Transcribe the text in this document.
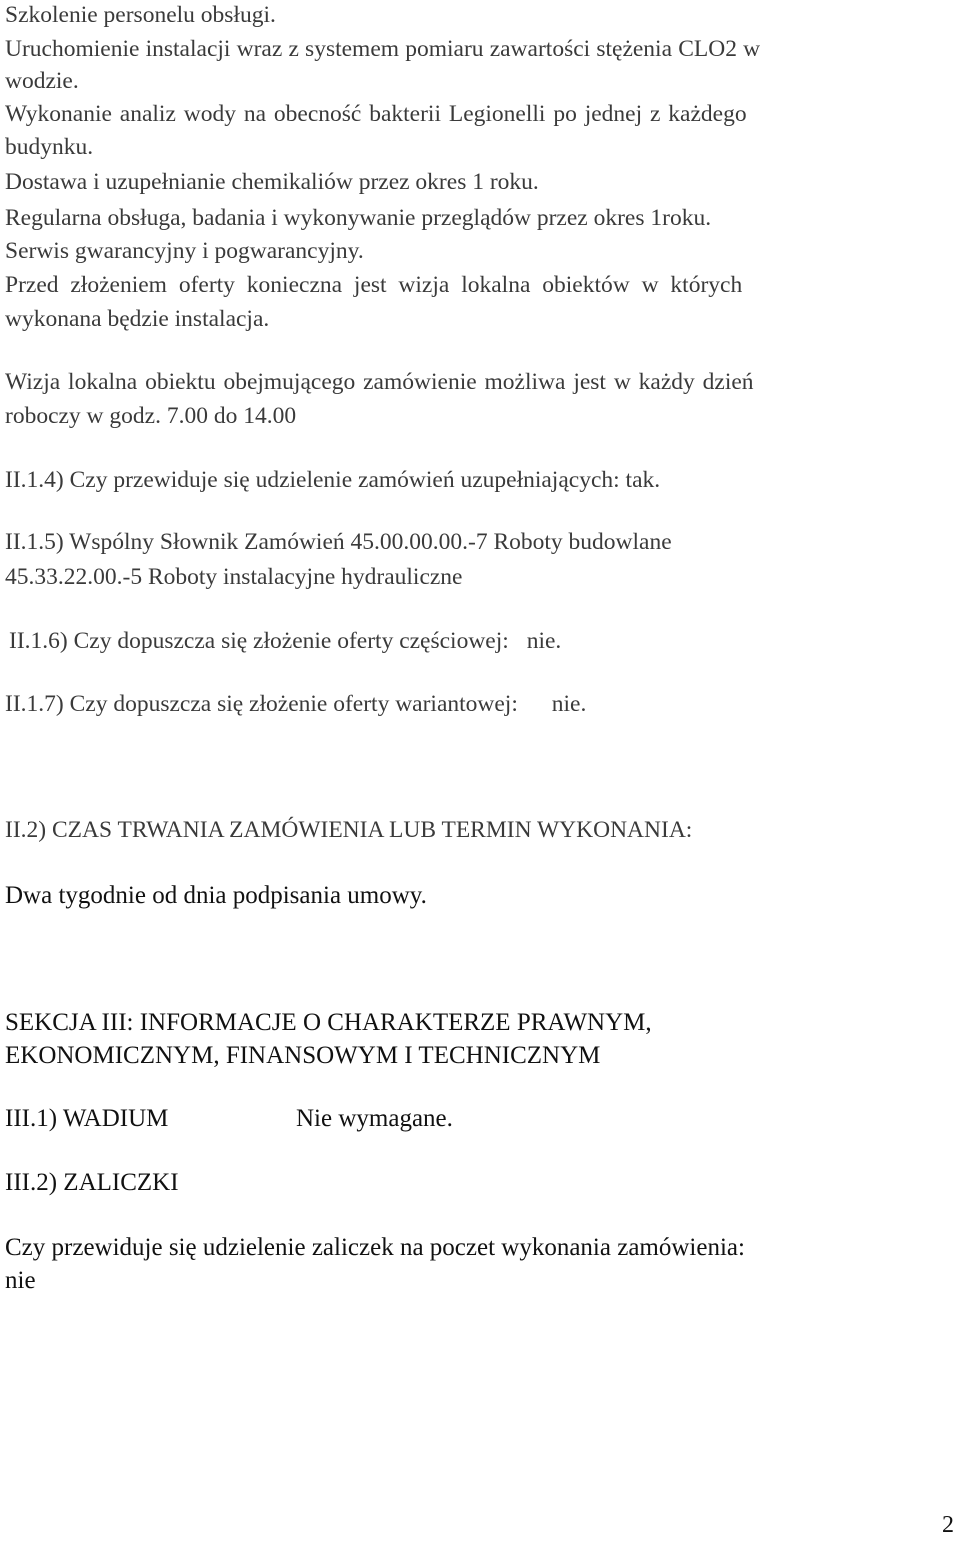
Szkolenie personelu obsługi.
Uruchomienie instalacji wraz z systemem pomiaru zawartości stężenia CLO2 w
wodzie.
Wykonanie analiz wody na obecność bakterii Legionelli po jednej z każdego
budynku.
Dostawa i uzupełnianie chemikaliów przez okres 1 roku.
Regularna obsługa, badania i wykonywanie przeglądów przez okres 1roku.
Serwis gwarancyjny i pogwarancyjny.
Przed złożeniem oferty konieczna jest wizja lokalna obiektów w których
wykonana będzie instalacja.
Wizja lokalna obiektu obejmującego zamówienie możliwa jest w każdy dzień
roboczy w godz. 7.00 do 14.00
II.1.4) Czy przewiduje się udzielenie zamówień uzupełniających: tak.
II.1.5) Wspólny Słownik Zamówień 45.00.00.00.-7 Roboty budowlane
45.33.22.00.-5 Roboty instalacyjne hydrauliczne
II.1.6) Czy dopuszcza się złożenie oferty częściowej: nie.
II.1.7) Czy dopuszcza się złożenie oferty wariantowej: nie.
II.2) CZAS TRWANIA ZAMÓWIENIA LUB TERMIN WYKONANIA:
Dwa tygodnie od dnia podpisania umowy.
SEKCJA III: INFORMACJE O CHARAKTERZE PRAWNYM,
EKONOMICZNYM, FINANSOWYM I TECHNICZNYM
III.1) WADIUM	Nie wymagane.
III.2) ZALICZKI
Czy przewiduje się udzielenie zaliczek na poczet wykonania zamówienia:
nie
2
